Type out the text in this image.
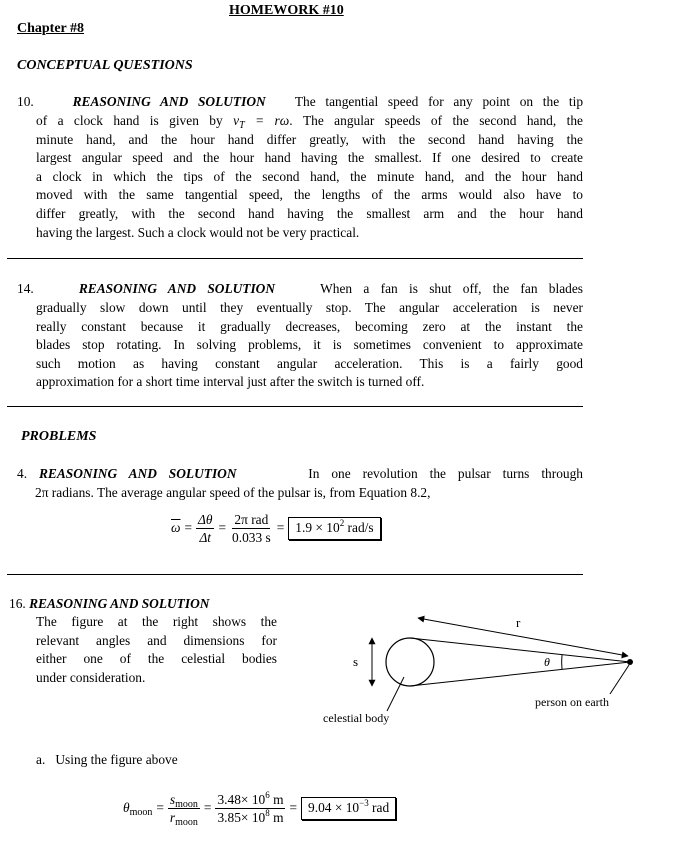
HOMEWORK #10
Chapter #8
CONCEPTUAL QUESTIONS
10.	REASONING AND SOLUTION The tangential speed for any point on the tip
of a clock hand is given by $v_T = r\omega$. The angular speeds of the second hand, the
minute hand, and the hour hand differ greatly, with the second hand having the
largest angular speed and the hour hand having the smallest. If one desired to create
a clock in which the tips of the second hand, the minute hand, and the hour hand
moved with the same tangential speed, the lengths of the arms would also have to
differ greatly, with the second hand having the smallest arm and the hour hand
having the largest. Such a clock would not be very practical.
14.	REASONING AND SOLUTION	When a fan is shut off, the fan blades
gradually slow down until they eventually stop. The angular acceleration is never
really constant because it gradually decreases, becoming zero at the instant the
blades stop rotating. In solving problems, it is sometimes convenient to approximate
such motion as having constant angular acceleration. This is a fairly good
approximation for a short time interval just after the switch is turned off.
PROBLEMS
4. REASONING AND SOLUTION	In one revolution the pulsar turns through
2π radians. The average angular speed of the pulsar is, from Equation 8.2,
$\overline{\omega} = \frac{\Delta\theta}{\Delta t} = \frac{\text{2π rad}}{0.033 s} = 1.9 \times 10^2$ rad/s
16. REASONING AND SOLUTION
The figure at the right shows the
relevant angles and dimensions for
either one of the celestial bodies
under consideration.
r
s	θ
celestial body
person on earth
a. Using the figure above
$\theta_{moon} = \frac{s_{moon}}{r_{moon}} = \frac{3.48\times 10^6 m}{3.85\times 10^8 m} = 9.04 \times 10^{-3}$ rad
